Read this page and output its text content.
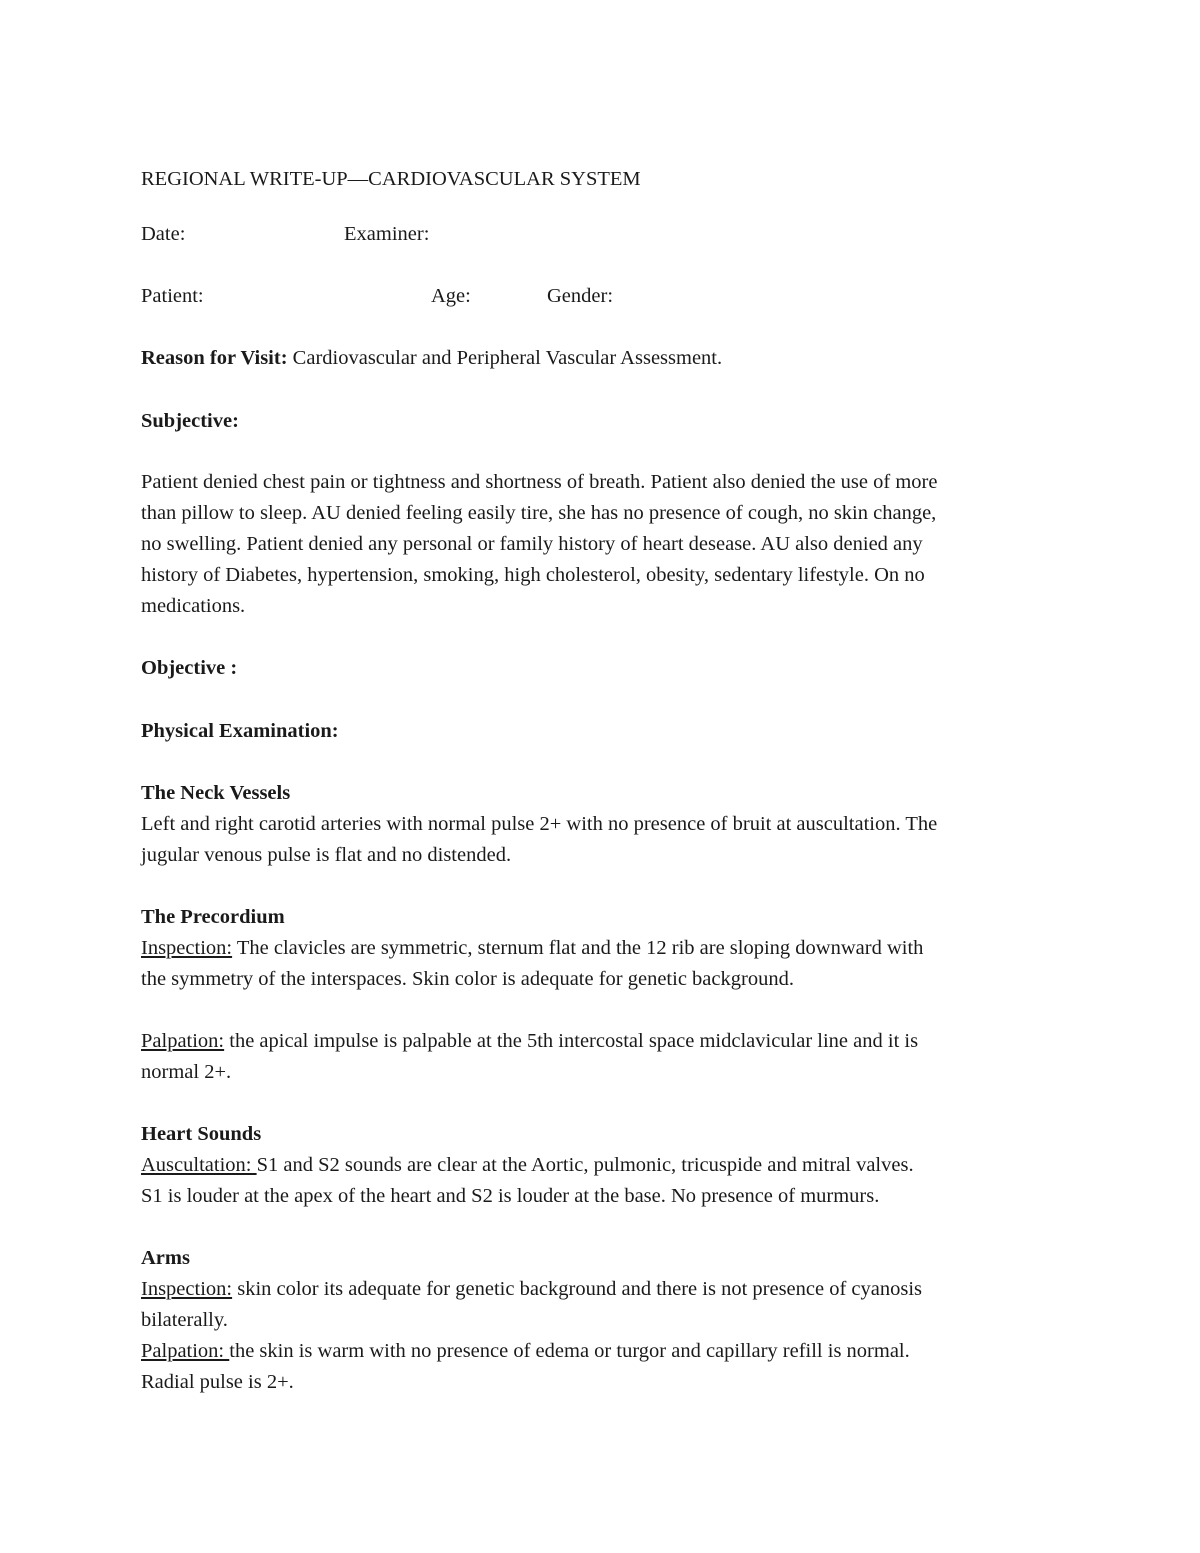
REGIONAL WRITE-UP—CARDIOVASCULAR SYSTEM
Date:	Examiner:
Patient:	Age:	Gender:
Reason for Visit: Cardiovascular and Peripheral Vascular Assessment.
Subjective:
Patient denied chest pain or tightness and shortness of breath. Patient also denied the use of more
than pillow to sleep. AU denied feeling easily tire, she has no presence of cough, no skin change,
no swelling. Patient denied any personal or family history of heart desease. AU also denied any
history of Diabetes, hypertension, smoking, high cholesterol, obesity, sedentary lifestyle. On no
medications.
Objective :
Physical Examination:
The Neck Vessels
Left and right carotid arteries with normal pulse 2+ with no presence of bruit at auscultation. The
jugular venous pulse is flat and no distended.
The Precordium
Inspection: The clavicles are symmetric, sternum flat and the 12 rib are sloping downward with
the symmetry of the interspaces. Skin color is adequate for genetic background.
Palpation: the apical impulse is palpable at the 5th intercostal space midclavicular line and it is
normal 2+.
Heart Sounds
Auscultation: S1 and S2 sounds are clear at the Aortic, pulmonic, tricuspide and mitral valves.
S1 is louder at the apex of the heart and S2 is louder at the base. No presence of murmurs.
Arms
Inspection: skin color its adequate for genetic background and there is not presence of cyanosis
bilaterally.
Palpation: the skin is warm with no presence of edema or turgor and capillary refill is normal.
Radial pulse is 2+.
